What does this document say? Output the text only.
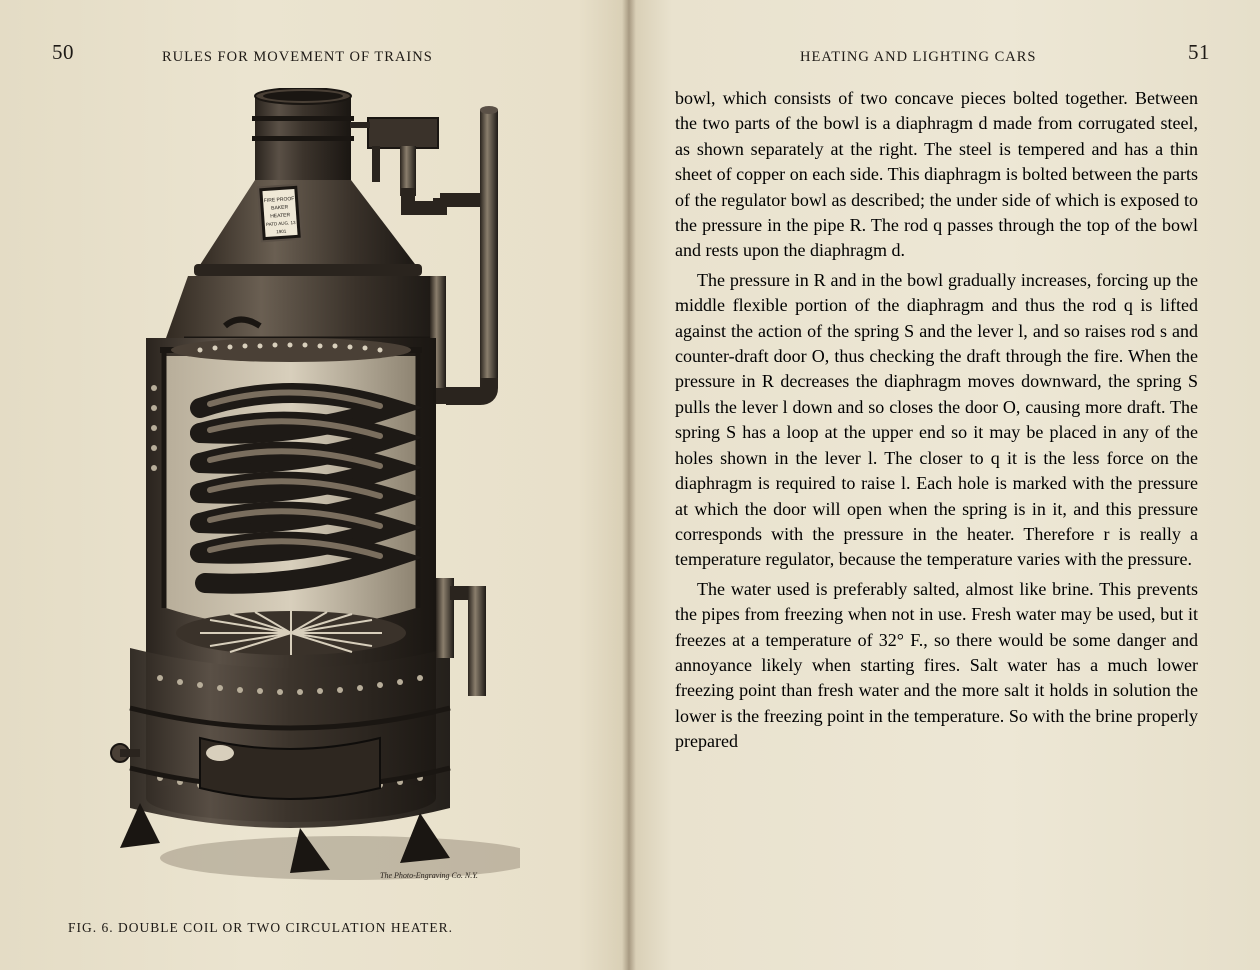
50	RULES FOR MOVEMENT OF TRAINS
FIRE PROOF
BAKER
HEATER
PATD AUG. 13
1901
The Photo-Engraving Co. N.Y.
FIG. 6. DOUBLE COIL OR TWO CIRCULATION HEATER.
HEATING AND LIGHTING CARS	51

bowl, which consists of two concave pieces bolted together. Between the two parts of the bowl is a diaphragm d made from corrugated steel, as shown separately at the right. The steel is tempered and has a thin sheet of copper on each side. This diaphragm is bolted between the parts of the regulator bowl as described; the under side of which is exposed to the pressure in the pipe R. The rod q passes through the top of the bowl and rests upon the diaphragm d.

The pressure in R and in the bowl gradually increases, forcing up the middle flexible portion of the diaphragm and thus the rod q is lifted against the action of the spring S and the lever l, and so raises rod s and counter-draft door O, thus checking the draft through the fire. When the pressure in R decreases the diaphragm moves downward, the spring S pulls the lever l down and so closes the door O, causing more draft. The spring S has a loop at the upper end so it may be placed in any of the holes shown in the lever l. The closer to q it is the less force on the diaphragm is required to raise l. Each hole is marked with the pressure at which the door will open when the spring is in it, and this pressure corresponds with the pressure in the heater. Therefore r is really a temperature regulator, because the temperature varies with the pressure.

The water used is preferably salted, almost like brine. This prevents the pipes from freezing when not in use. Fresh water may be used, but it freezes at a temperature of 32° F., so there would be some danger and annoyance likely when starting fires. Salt water has a much lower freezing point than fresh water and the more salt it holds in solution the lower is the freezing point in the temperature. So with the brine properly prepared
